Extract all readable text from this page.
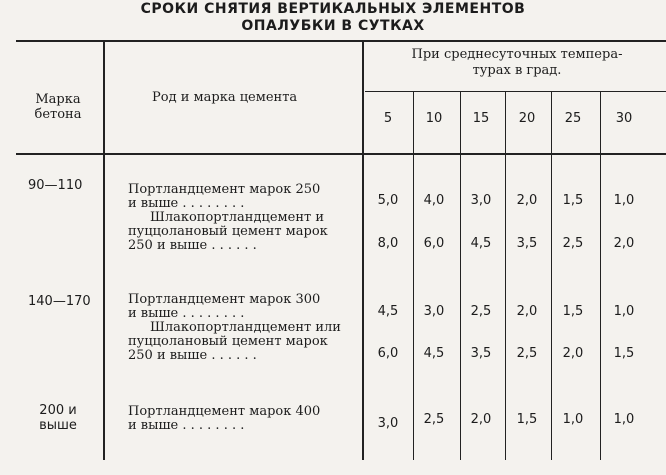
СРОКИ СНЯТИЯ ВЕРТИКАЛЬНЫХ ЭЛЕМЕНТОВ
ОПАЛУБКИ В СУТКАХ
Марка
бетона
Род и марка цемента
При среднесуточных темпера-
турах в град.
5	10	15	20	25	30
90—110	Портландцемент марок 250
и выше . . . . . . . .	5,0	4,0	3,0	2,0	1,5	1,0
Шлакопортландцемент и
пуццолановый цемент марок
250 и выше . . . . . .	8,0	6,0	4,5	3,5	2,5	2,0
140—170	Портландцемент марок 300
и выше . . . . . . . .	4,5	3,0	2,5	2,0	1,5	1,0
Шлакопортландцемент или
пуццолановый цемент марок
250 и выше . . . . . .	6,0	4,5	3,5	2,5	2,0	1,5
200 и
выше
Портландцемент марок 400
и выше . . . . . . . .	3,0	2,5	2,0	1,5	1,0	1,0
